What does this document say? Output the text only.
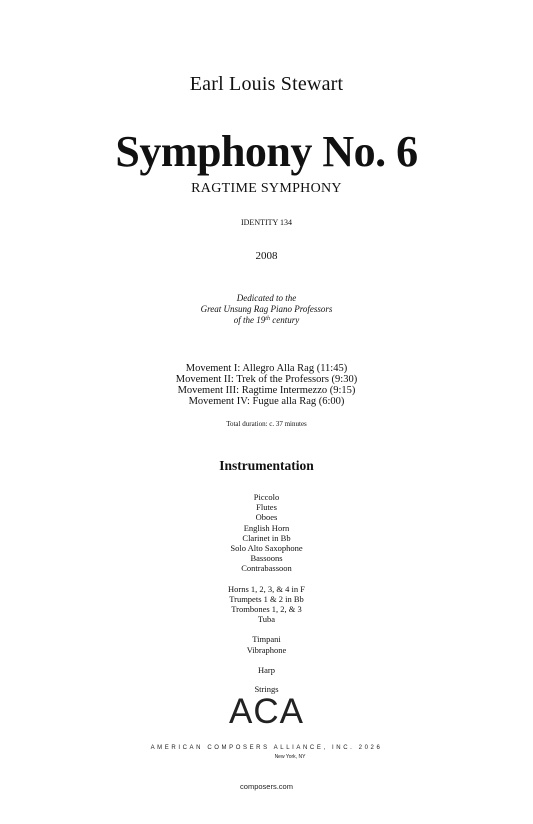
Earl Louis Stewart
Symphony No. 6
RAGTIME SYMPHONY
IDENTITY 134
2008
Dedicated to the
Great Unsung Rag Piano Professors
of the 19th century
Movement I: Allegro Alla Rag (11:45)
Movement II: Trek of the Professors (9:30)
Movement III: Ragtime Intermezzo (9:15)
Movement IV: Fugue alla Rag (6:00)
Total duration: c. 37 minutes
Instrumentation
Piccolo
Flutes
Oboes
English Horn
Clarinet in Bb
Solo Alto Saxophone
Bassoons
Contrabassoon
Horns 1, 2, 3, & 4 in F
Trumpets 1 & 2 in Bb
Trombones 1, 2, & 3
Tuba
Timpani
Vibraphone
Harp
Strings
ACA
AMERICAN COMPOSERS ALLIANCE, INC. 2026
New York, NY
composers.com
